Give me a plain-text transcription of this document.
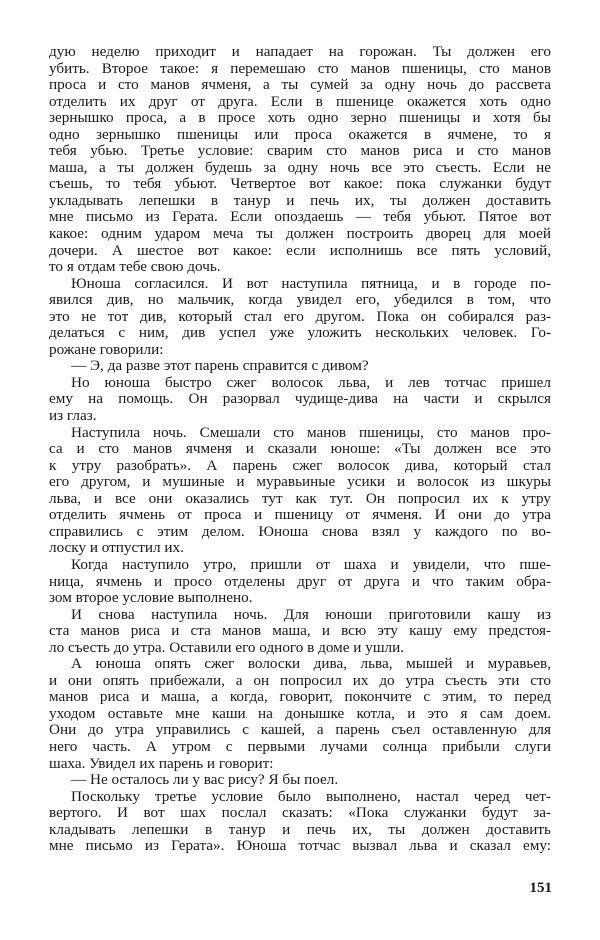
дую неделю приходит и нападает на горожан. Ты должен его
убить. Второе такое: я перемешаю сто манов пшеницы, сто манов
проса и сто манов ячменя, а ты сумей за одну ночь до рассвета
отделить их друг от друга. Если в пшенице окажется хоть одно
зернышко проса, а в просе хоть одно зерно пшеницы и хотя бы
одно зернышко пшеницы или проса окажется в ячмене, то я
тебя убью. Третье условие: сварим сто манов риса и сто манов
маша, а ты должен будешь за одну ночь все это съесть. Если не
съешь, то тебя убьют. Четвертое вот какое: пока служанки будут
укладывать лепешки в танур и печь их, ты должен доставить
мне письмо из Герата. Если опоздаешь — тебя убьют. Пятое вот
какое: одним ударом меча ты должен построить дворец для моей
дочери. А шестое вот какое: если исполнишь все пять условий,
то я отдам тебе свою дочь.
Юноша согласился. И вот наступила пятница, и в городе по-
явился див, но мальчик, когда увидел его, убедился в том, что
это не тот див, который стал его другом. Пока он собирался раз-
делаться с ним, див успел уже уложить нескольких человек. Го-
рожане говорили:
— Э, да разве этот парень справится с дивом?
Но юноша быстро сжег волосок льва, и лев тотчас пришел
ему на помощь. Он разорвал чудище-дива на части и скрылся
из глаз.
Наступила ночь. Смешали сто манов пшеницы, сто манов про-
са и сто манов ячменя и сказали юноше: «Ты должен все это
к утру разобрать». А парень сжег волосок дива, который стал
его другом, и мушиные и муравьиные усики и волосок из шкуры
льва, и все они оказались тут как тут. Он попросил их к утру
отделить ячмень от проса и пшеницу от ячменя. И они до утра
справились с этим делом. Юноша снова взял у каждого по во-
лоску и отпустил их.
Когда наступило утро, пришли от шаха и увидели, что пше-
ница, ячмень и просо отделены друг от друга и что таким обра-
зом второе условие выполнено.
И снова наступила ночь. Для юноши приготовили кашу из
ста манов риса и ста манов маша, и всю эту кашу ему предстоя-
ло съесть до утра. Оставили его одного в доме и ушли.
А юноша опять сжег волоски дива, льва, мышей и муравьев,
и они опять прибежали, а он попросил их до утра съесть эти сто
манов риса и маша, а когда, говорит, покончите с этим, то перед
уходом оставьте мне каши на донышке котла, и это я сам доем.
Они до утра управились с кашей, а парень съел оставленную для
него часть. А утром с первыми лучами солнца прибыли слуги
шаха. Увидел их парень и говорит:
— Не осталось ли у вас рису? Я бы поел.
Поскольку третье условие было выполнено, настал черед чет-
вертого. И вот шах послал сказать: «Пока служанки будут за-
кладывать лепешки в танур и печь их, ты должен доставить
мне письмо из Герата». Юноша тотчас вызвал льва и сказал ему:
151
